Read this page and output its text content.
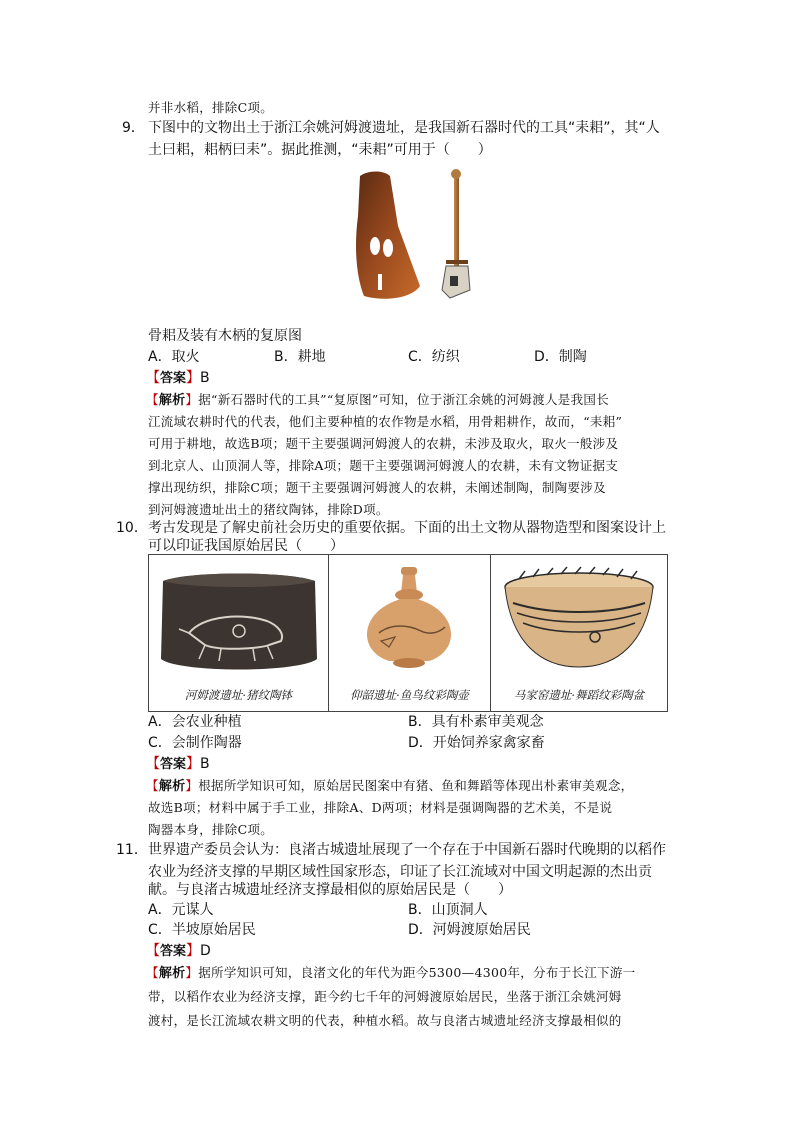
并非水稻，排除C项。
9． 下图中的文物出土于浙江余姚河姆渡遗址，是我国新石器时代的工具“耒耜”，其“人
土曰耜，耜柄曰耒”。据此推测，“耒耜”可用于（　　）
骨耜及装有木柄的复原图
A．取火	B．耕地	C．纺织	D．制陶
【答案】B
【解析】据“新石器时代的工具”“复原图”可知，位于浙江余姚的河姆渡人是我国长
江流域农耕时代的代表，他们主要种植的农作物是水稻，用骨耜耕作，故而，“耒耜”
可用于耕地，故选B项；题干主要强调河姆渡人的农耕，未涉及取火，取火一般涉及
到北京人、山顶洞人等，排除A项；题干主要强调河姆渡人的农耕，未有文物证据支
撑出现纺织，排除C项；题干主要强调河姆渡人的农耕，未阐述制陶，制陶要涉及
到河姆渡遗址出土的猪纹陶钵，排除D项。
10． 考古发现是了解史前社会历史的重要依据。下面的出土文物从器物造型和图案设计上
可以印证我国原始居民（　　）
河姆渡遗址·猪纹陶钵	仰韶遗址·鱼鸟纹彩陶壶	马家窑遗址·舞蹈纹彩陶盆
A．会农业种植	B．具有朴素审美观念
C．会制作陶器	D．开始饲养家禽家畜
【答案】B
【解析】根据所学知识可知，原始居民图案中有猪、鱼和舞蹈等体现出朴素审美观念，
故选B项；材料中属于手工业，排除A、D两项；材料是强调陶器的艺术美，不是说
陶器本身，排除C项。
11． 世界遗产委员会认为：良渚古城遗址展现了一个存在于中国新石器时代晚期的以稻作
农业为经济支撑的早期区域性国家形态，印证了长江流域对中国文明起源的杰出贡
献。与良渚古城遗址经济支撑最相似的原始居民是（　　）
A．元谋人	B．山顶洞人
C．半坡原始居民	D．河姆渡原始居民
【答案】D
【解析】据所学知识可知，良渚文化的年代为距今5300—4300年，分布于长江下游一
带，以稻作农业为经济支撑，距今约七千年的河姆渡原始居民，坐落于浙江余姚河姆
渡村，是长江流域农耕文明的代表，种植水稻。故与良渚古城遗址经济支撑最相似的
